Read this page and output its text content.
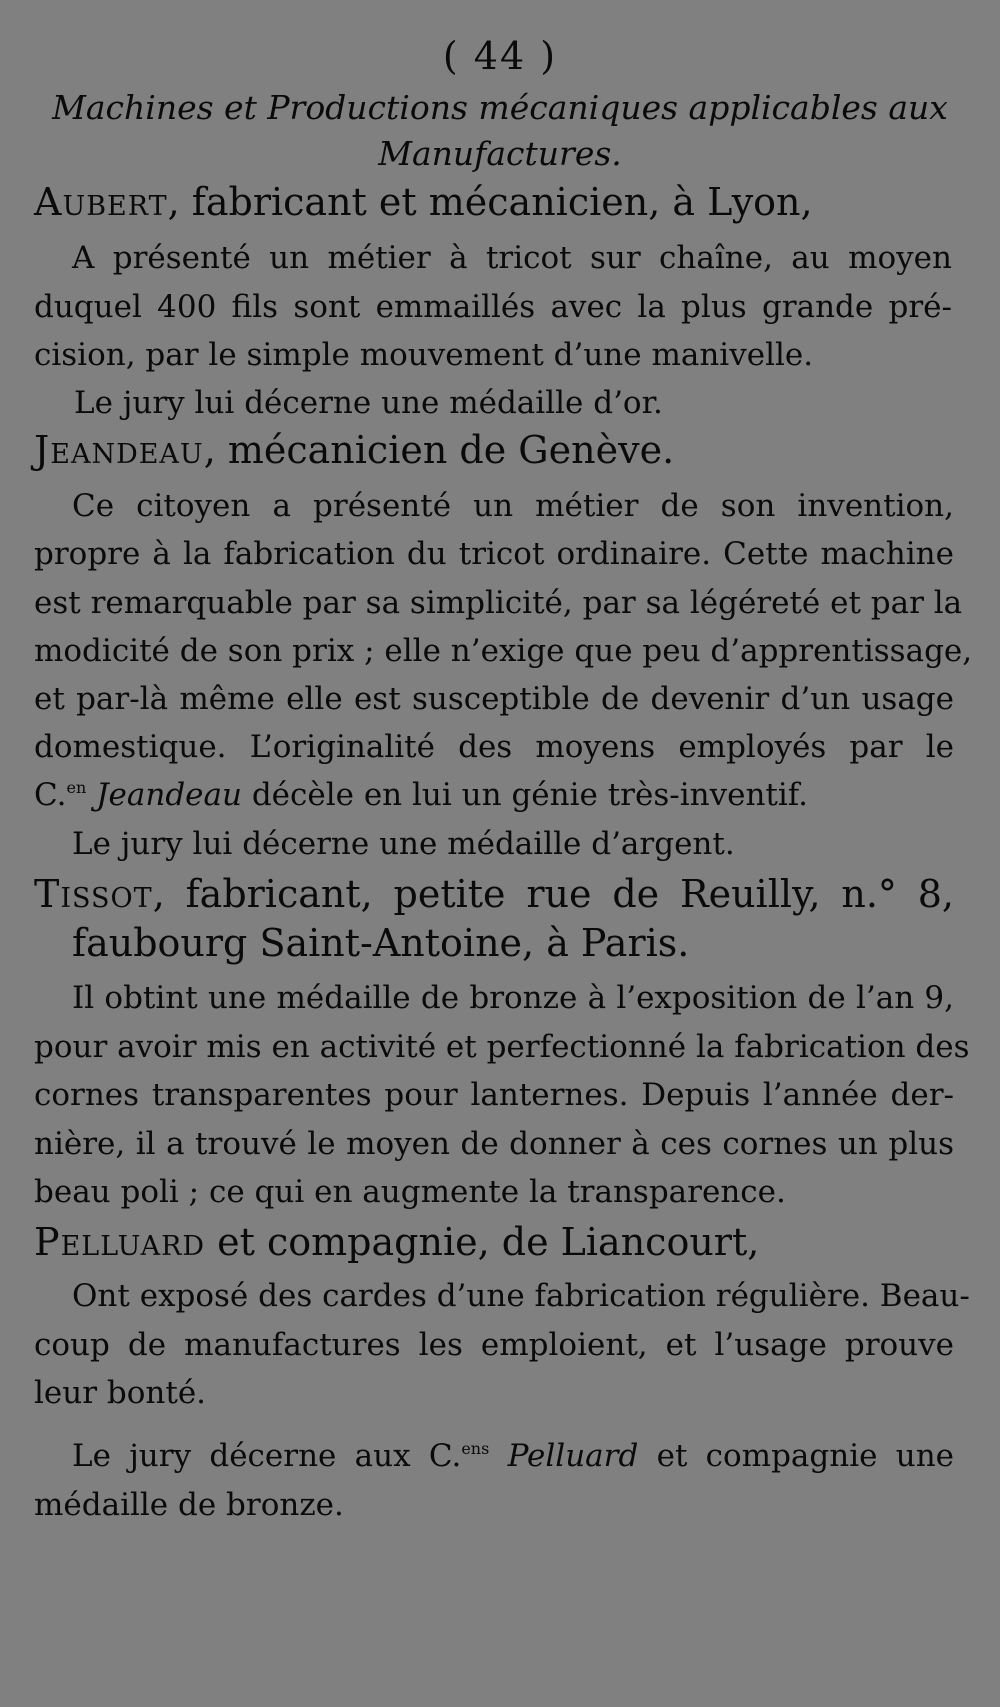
( 44 )
Machines et Productions mécaniques applicables aux
Manufactures.
Aubert, fabricant et mécanicien, à Lyon,
A présenté un métier à tricot sur chaîne, au moyen
duquel 400 fils sont emmaillés avec la plus grande pré-
cision, par le simple mouvement d’une manivelle.
Le jury lui décerne une médaille d’or.
Jeandeau, mécanicien de Genève.
Ce citoyen a présenté un métier de son invention,
propre à la fabrication du tricot ordinaire. Cette machine
est remarquable par sa simplicité, par sa légéreté et par la
modicité de son prix ; elle n’exige que peu d’apprentissage,
et par-là même elle est susceptible de devenir d’un usage
domestique. L’originalité des moyens employés par le
C.$^{en}$ Jeandeau décèle en lui un génie très-inventif.
Le jury lui décerne une médaille d’argent.
Tissot, fabricant, petite rue de Reuilly, n.° 8,
faubourg Saint-Antoine, à Paris.
Il obtint une médaille de bronze à l’exposition de l’an 9,
pour avoir mis en activité et perfectionné la fabrication des
cornes transparentes pour lanternes. Depuis l’année der-
nière, il a trouvé le moyen de donner à ces cornes un plus
beau poli ; ce qui en augmente la transparence.
Pelluard et compagnie, de Liancourt,
Ont exposé des cardes d’une fabrication régulière. Beau-
coup de manufactures les emploient, et l’usage prouve
leur bonté.
Le jury décerne aux C.$^{ens}$ Pelluard et compagnie une
médaille de bronze.
